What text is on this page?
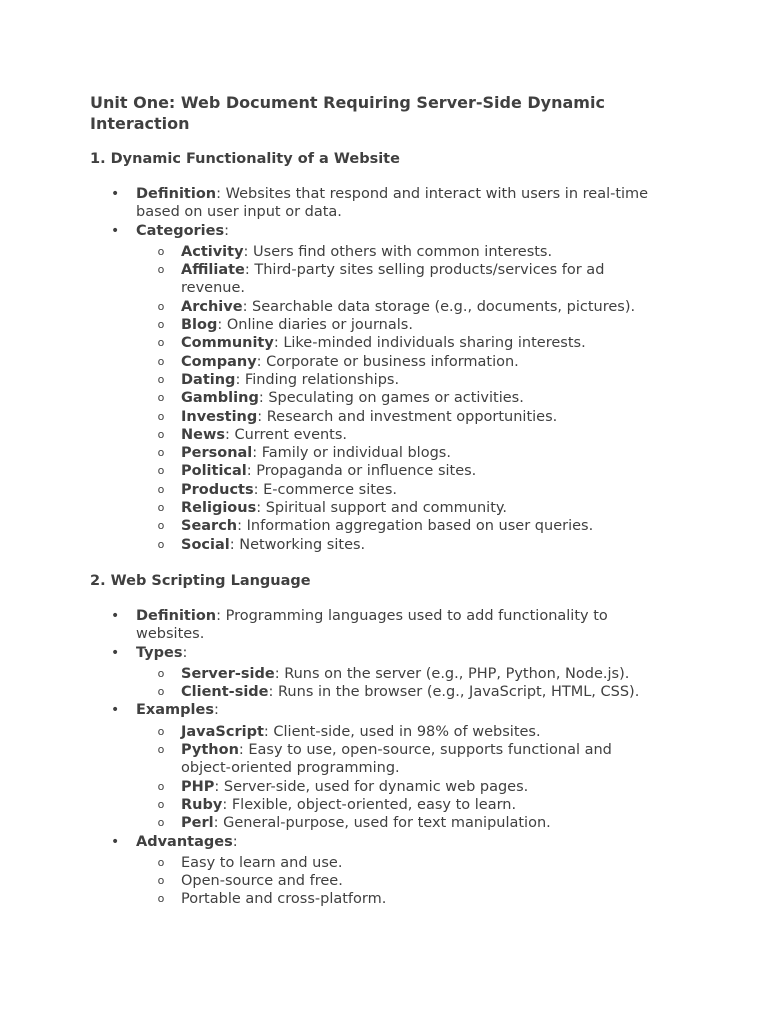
Unit One: Web Document Requiring Server-Side Dynamic Interaction
1. Dynamic Functionality of a Website
• Definition: Websites that respond and interact with users in real-time based on user input or data.
• Categories:
o Activity: Users find others with common interests.
o Affiliate: Third-party sites selling products/services for ad revenue.
o Archive: Searchable data storage (e.g., documents, pictures).
o Blog: Online diaries or journals.
o Community: Like-minded individuals sharing interests.
o Company: Corporate or business information.
o Dating: Finding relationships.
o Gambling: Speculating on games or activities.
o Investing: Research and investment opportunities.
o News: Current events.
o Personal: Family or individual blogs.
o Political: Propaganda or influence sites.
o Products: E-commerce sites.
o Religious: Spiritual support and community.
o Search: Information aggregation based on user queries.
o Social: Networking sites.
2. Web Scripting Language
• Definition: Programming languages used to add functionality to websites.
• Types:
o Server-side: Runs on the server (e.g., PHP, Python, Node.js).
o Client-side: Runs in the browser (e.g., JavaScript, HTML, CSS).
• Examples:
o JavaScript: Client-side, used in 98% of websites.
o Python: Easy to use, open-source, supports functional and object-oriented programming.
o PHP: Server-side, used for dynamic web pages.
o Ruby: Flexible, object-oriented, easy to learn.
o Perl: General-purpose, used for text manipulation.
• Advantages:
o Easy to learn and use.
o Open-source and free.
o Portable and cross-platform.
